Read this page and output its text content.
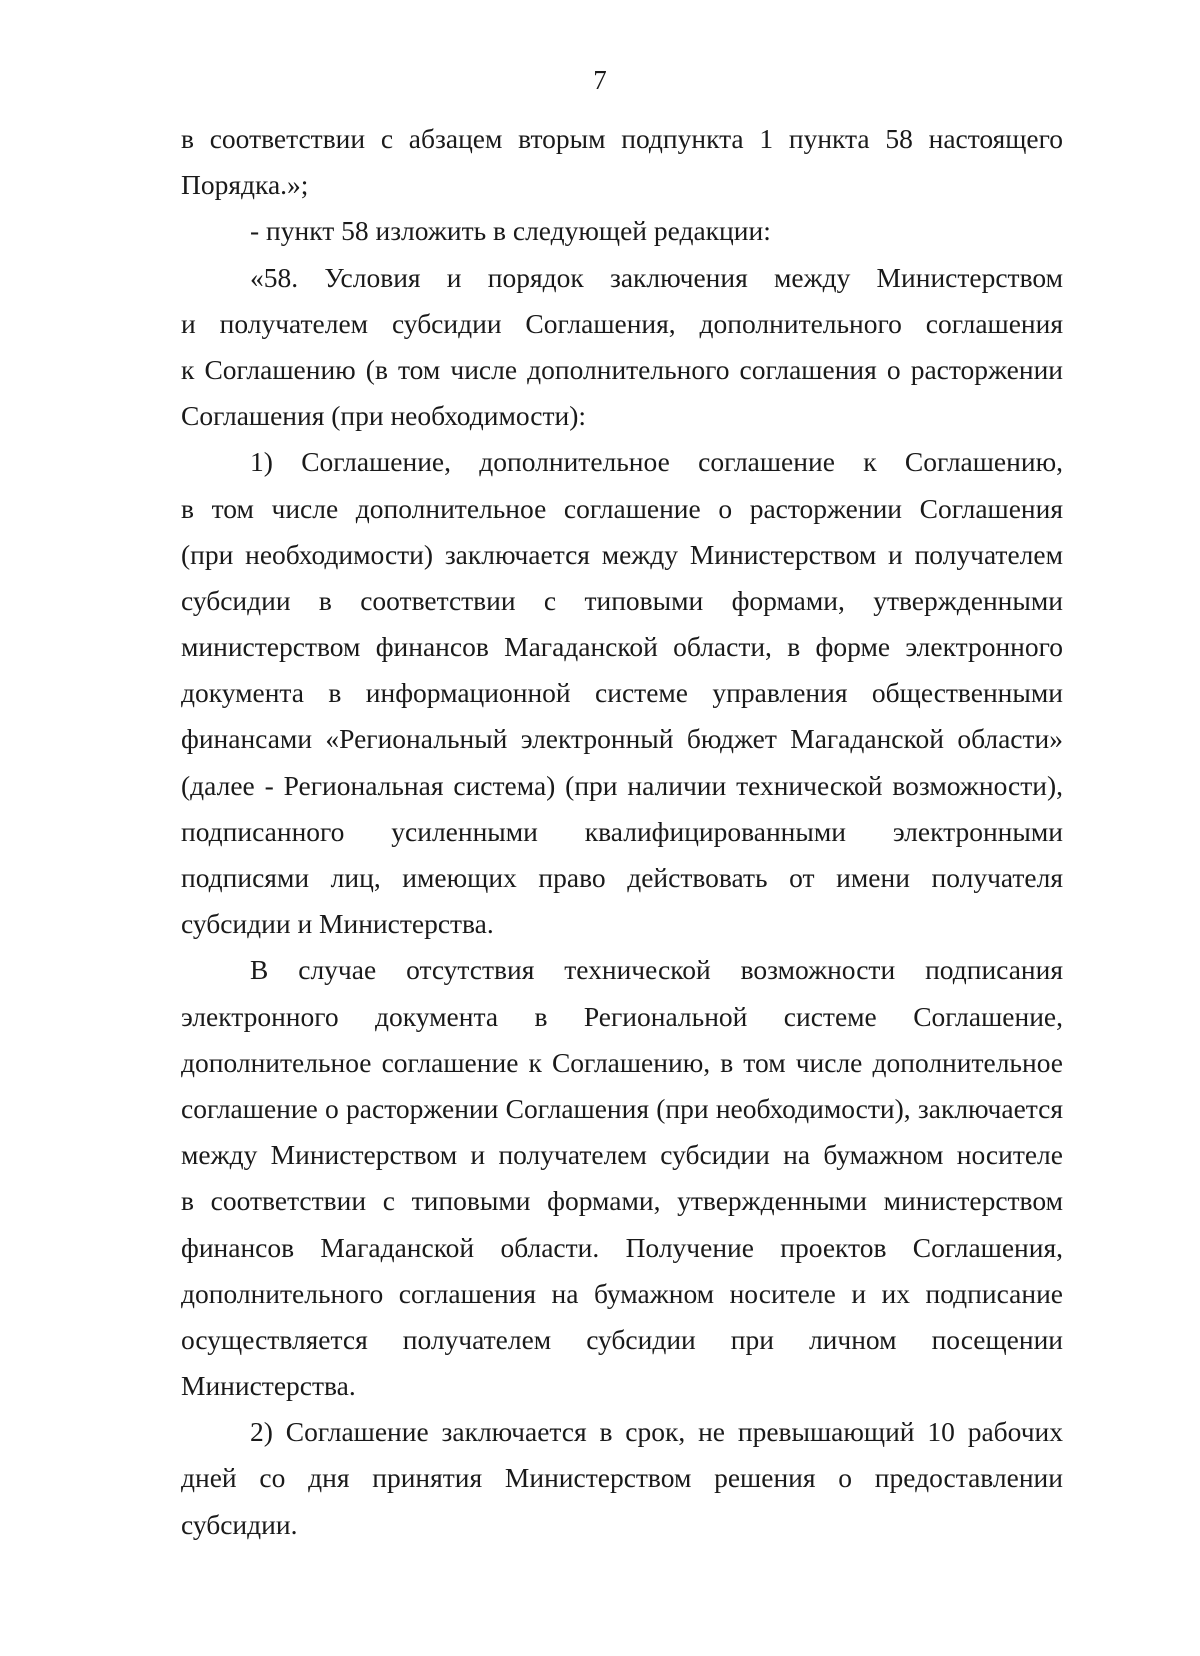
7
в соответствии с абзацем вторым подпункта 1 пункта 58 настоящего
Порядка.»;
- пункт 58 изложить в следующей редакции:
«58. Условия и порядок заключения между Министерством
и получателем субсидии Соглашения, дополнительного соглашения
к Соглашению (в том числе дополнительного соглашения о расторжении
Соглашения (при необходимости):
1) Соглашение, дополнительное соглашение к Соглашению,
в том числе дополнительное соглашение о расторжении Соглашения
(при необходимости) заключается между Министерством и получателем
субсидии в соответствии с типовыми формами, утвержденными
министерством финансов Магаданской области, в форме электронного
документа в информационной системе управления общественными
финансами «Региональный электронный бюджет Магаданской области»
(далее - Региональная система) (при наличии технической возможности),
подписанного усиленными квалифицированными электронными
подписями лиц, имеющих право действовать от имени получателя
субсидии и Министерства.
В случае отсутствия технической возможности подписания
электронного документа в Региональной системе Соглашение,
дополнительное соглашение к Соглашению, в том числе дополнительное
соглашение о расторжении Соглашения (при необходимости), заключается
между Министерством и получателем субсидии на бумажном носителе
в соответствии с типовыми формами, утвержденными министерством
финансов Магаданской области. Получение проектов Соглашения,
дополнительного соглашения на бумажном носителе и их подписание
осуществляется получателем субсидии при личном посещении
Министерства.
2) Соглашение заключается в срок, не превышающий 10 рабочих
дней со дня принятия Министерством решения о предоставлении
субсидии.
